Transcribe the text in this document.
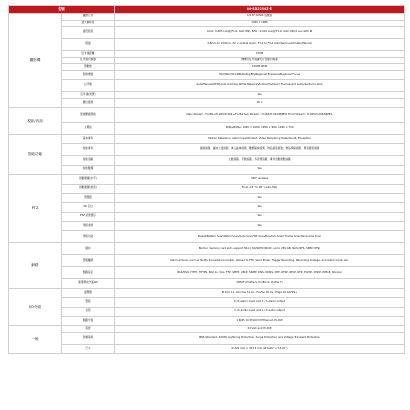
型號		IN-SD2234Z-E
攝影機	攝像元件	1/2.8" CMOS 感應器
	最大解析度	1920 x 1080
	最低照度	Color: 0.005 Lux@(F1.6, AGC ON), B/W : 0.001 Lux@(F1.6, AGC ON) 0 Lux with IR
	鏡頭	4.8mm to 153mm, 32 × optical zoom, F1.2 to F4.4 Auto/Semi-automatic/Manual
	紅外線距離	150M
	紅外線切換器	機構式紅外線濾光片自動切換器
	寬動態	120dB WDR
	影像增強	HLC/BLC/3D DNR/Defog/EIS/Regional Exposure/Regional Focus
	白平衡	Auto/Manual/ATW(Auto-tracking White Balance)/Indoor/Outdoor/ Fluorescent Lamp/Sodium Lamp
	紅外線(智慧)	Yes
	數位變焦	16 ×
視訊/音訊	影像壓縮規格	Main Stream : H.265+/H.265/H.264+/H.264 Sub Stream : H.265/H.264/MJPEG Third Stream : H.265/H.264/MJPEG
	主碼流	30fps/60fps: 1920 × 1080, 1280 × 960, 1280 × 720
智能功能	基本事件	Motion Detection, Alarm Input/Output, Video Tampering Detection/4, Exception
	智能事件	越線偵測、區域入侵偵測、進入區域偵測、離開區域偵測、物品遺留偵測、物品移除偵測、場景變更偵測
	智能追蹤	主動追蹤、手動追蹤、多目標追蹤、事件自動連動追蹤
	智能數據	Yes
PTZ	移動範圍(水平)	360° endless
	移動範圍(垂直)	From -15° to 90° (auto-flip)
	預置點	Yes
	3D 定位	Yes
	PTZ 狀態顯示	Yes
	預設凍結	Yes
	預設功能	Preset/Pattern Scan/Patrol Scan/Auto Scan/Tilt Scan/Random Scan/ Frame Scan/Panorama Scan
網路	儲存	Built-in memory card slot, support Micro SD/SDHC/SDXC, up to 256 GB; NAS (NFS, SMB/ CIFS)
	警報觸發	Alarm actions, such as Notify Surveillance Center, Upload to FTP, Send Email, Trigger Recording, Recording Linkage, and Alarm Input, etc.
	網路協定	IPv4/IPv6, HTTP, HTTPS, 802.1x, Qos, FTP, SMTP, UPnP, SNMP, DNS, DDNS, NTP, RTSP, RTCP, RTP, TCP/IP, DHCP, PPPoE, Bonjour
	通用開放介面API	ONVIF (Profile S, Profile G, Profile T)
I/O介面	瀏覽器	IE 8 to 11, Chrome 31.0+, Firefox 30.0+, Edge 16.16299+
	警報	2-ch alarm input and 1-ch alarm output
	音訊	1-ch audio input and 1-ch audio output
	網路介面	1 RJ45 10 M/100 M Ethernet, Hi-PoE
一般	電源	24 VAC and Hi-PoE
	防護等級	IP66 Standard, 4000V Lightning Protection, Surge Protection and Voltage Transient Protection
	尺寸	Ø 220 mm × 353.4 mm (Ø 8.66" × 13.91")
